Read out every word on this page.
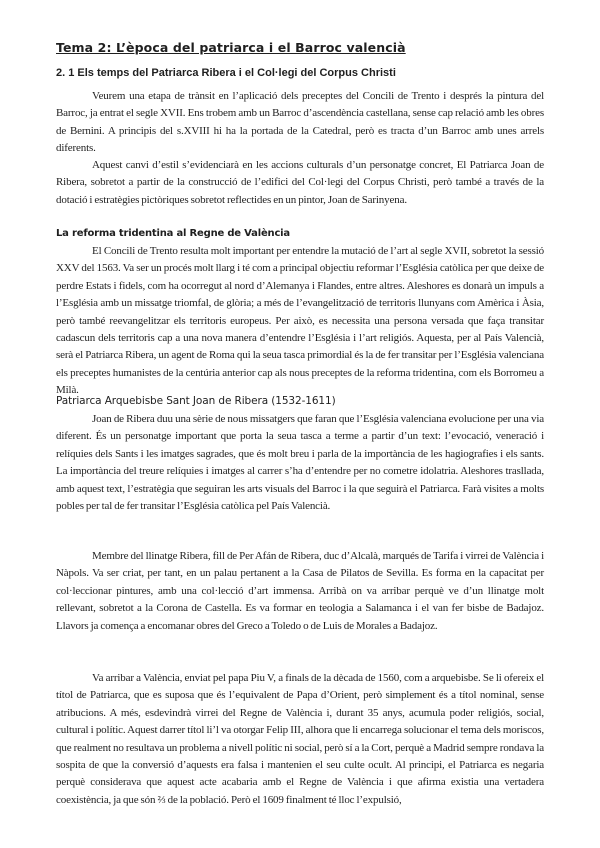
Tema 2: L’època del patriarca i el Barroc valencià
2. 1 Els temps del Patriarca Ribera i el Col·legi del Corpus Christi

Veurem una etapa de trànsit en l’aplicació dels preceptes del Concili de Trento i després la pintura del Barroc, ja entrat el segle XVII. Ens trobem amb un Barroc d’ascendència castellana, sense cap relació amb les obres de Bernini. A principis del s.XVIII hi ha la portada de la Catedral, però es tracta d’un Barroc amb unes arrels diferents.

Aquest canvi d’estil s’evidenciarà en les accions culturals d’un personatge concret, El Patriarca Joan de Ribera, sobretot a partir de la construcció de l’edifici del Col·legi del Corpus Christi, però també a través de la dotació i estratègies pictòriques sobretot reflectides en un pintor, Joan de Sarinyena.

La reforma tridentina al Regne de València

El Concili de Trento resulta molt important per entendre la mutació de l’art al segle XVII, sobretot la sessió XXV del 1563. Va ser un procés molt llarg i té com a principal objectiu reformar l’Església catòlica per que deixe de perdre Estats i fidels, com ha ocorregut al nord d’Alemanya i Flandes, entre altres. Aleshores es donarà un impuls a l’Església amb un missatge triomfal, de glòria; a més de l’evangelització de territoris llunyans com Amèrica i Àsia, però també reevangelitzar els territoris europeus. Per això, es necessita una persona versada que faça transitar cadascun dels territoris cap a una nova manera d’entendre l’Església i l’art religiós. Aquesta, per al País Valencià, serà el Patriarca Ribera, un agent de Roma qui la seua tasca primordial és la de fer transitar per l’Església valenciana els preceptes humanistes de la centúria anterior cap als nous preceptes de la reforma tridentina, com els Borromeu a Milà.

Patriarca Arquebisbe Sant Joan de Ribera (1532-1611)

Joan de Ribera duu una sèrie de nous missatgers que faran que l’Església valenciana evolucione per una via diferent. És un personatge important que porta la seua tasca a terme a partir d’un text: l’evocació, veneració i relíquies dels Sants i les imatges sagrades, que és molt breu i parla de la importància de les hagiografies i els sants. La importància del treure relíquies i imatges al carrer s’ha d’entendre per no cometre idolatria. Aleshores traslladа, amb aquest text, l’estratègia que seguiran les arts visuals del Barroc i la que seguirà el Patriarca. Farà visites a molts pobles per tal de fer transitar l’Església catòlica pel País Valencià.

Membre del llinatge Ribera, fill de Per Afán de Ribera, duc d’Alcalà, marqués de Tarifa i virrei de València i Nàpols. Va ser criat, per tant, en un palau pertanent a la Casa de Pilatos de Sevilla. Es forma en la capacitat per col·leccionar pintures, amb una col·lecció d’art immensa. Arribà on va arribar perquè ve d’un llinatge molt rellevant, sobretot a la Corona de Castella. Es va formar en teologia a Salamanca i el van fer bisbe de Badajoz. Llavors ja comença a encomanar obres del Greco a Toledo o de Luis de Morales a Badajoz.

Va arribar a València, enviat pel papa Piu V, a finals de la dècada de 1560, com a arquebisbe. Se li ofereix el títol de Patriarca, que es suposa que és l’equivalent de Papa d’Orient, però simplement és a títol nominal, sense atribucions. A més, esdevindrà virrei del Regne de València i, durant 35 anys, acumula poder religiós, social, cultural i polític. Aquest darrer títol li’l va otorgar Felip III, alhora que li encarrega solucionar el tema dels moriscos, que realment no resultava un problema a nivell polític ni social, però sí a la Cort, perquè a Madrid sempre rondava la sospita de que la conversió d’aquests era falsa i mantenien el seu culte ocult. Al principi, el Patriarca es negaria perquè considerava que aquest acte acabaria amb el Regne de València i que afirma existia una vertadera coexistència, ja que són ⅔ de la població. Però el 1609 finalment té lloc l’expulsió,
